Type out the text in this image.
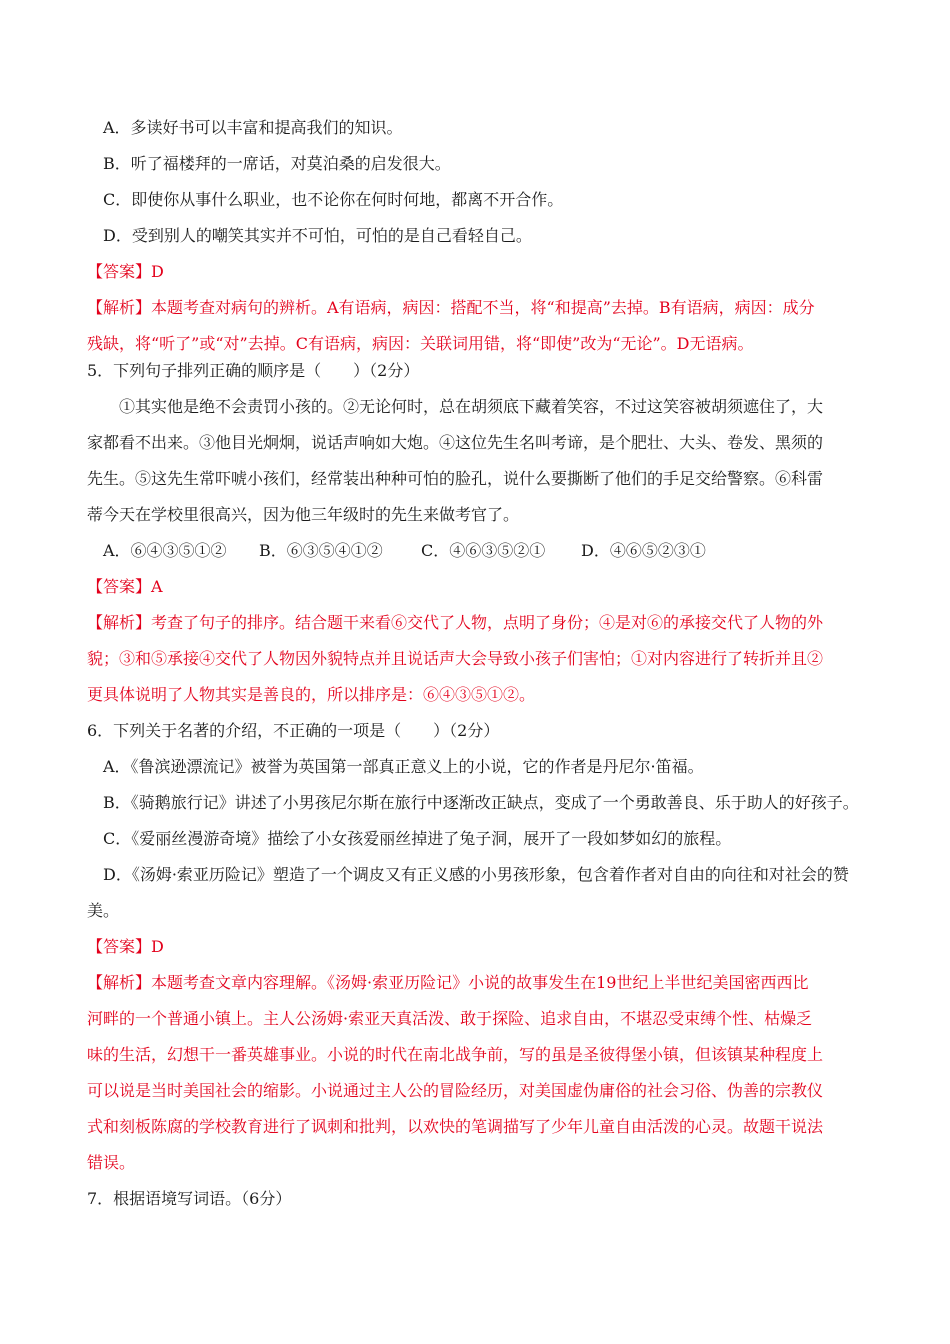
A．多读好书可以丰富和提高我们的知识。
B．听了福楼拜的一席话，对莫泊桑的启发很大。
C．即使你从事什么职业，也不论你在何时何地，都离不开合作。
D．受到别人的嘲笑其实并不可怕，可怕的是自己看轻自己。
【答案】D
【解析】本题考查对病句的辨析。A有语病，病因：搭配不当，将“和提高”去掉。B有语病，病因：成分
残缺，将“听了”或“对”去掉。C有语病，病因：关联词用错，将“即使”改为“无论”。D无语病。
5．下列句子排列正确的顺序是（　　）（2分）
①其实他是绝不会责罚小孩的。②无论何时，总在胡须底下藏着笑容，不过这笑容被胡须遮住了，大
家都看不出来。③他目光炯炯，说话声响如大炮。④这位先生名叫考谛，是个肥壮、大头、卷发、黑须的
先生。⑤这先生常吓唬小孩们，经常装出种种可怕的脸孔，说什么要撕断了他们的手足交给警察。⑥科雷
蒂今天在学校里很高兴，因为他三年级时的先生来做考官了。
A．⑥④③⑤①②	B．⑥③⑤④①②	C．④⑥③⑤②①	D．④⑥⑤②③①
【答案】A
【解析】考查了句子的排序。结合题干来看⑥交代了人物，点明了身份；④是对⑥的承接交代了人物的外
貌；③和⑤承接④交代了人物因外貌特点并且说话声大会导致小孩子们害怕；①对内容进行了转折并且②
更具体说明了人物其实是善良的，所以排序是：⑥④③⑤①②。
6．下列关于名著的介绍，不正确的一项是（　　）（2分）
A．《鲁滨逊漂流记》被誉为英国第一部真正意义上的小说，它的作者是丹尼尔·笛福。
B．《骑鹅旅行记》讲述了小男孩尼尔斯在旅行中逐渐改正缺点，变成了一个勇敢善良、乐于助人的好孩子。
C．《爱丽丝漫游奇境》描绘了小女孩爱丽丝掉进了兔子洞，展开了一段如梦如幻的旅程。
D．《汤姆·索亚历险记》塑造了一个调皮又有正义感的小男孩形象，包含着作者对自由的向往和对社会的赞
美。
【答案】D
【解析】本题考查文章内容理解。《汤姆·索亚历险记》小说的故事发生在19世纪上半世纪美国密西西比
河畔的一个普通小镇上。主人公汤姆·索亚天真活泼、敢于探险、追求自由，不堪忍受束缚个性、枯燥乏
味的生活，幻想干一番英雄事业。小说的时代在南北战争前，写的虽是圣彼得堡小镇，但该镇某种程度上
可以说是当时美国社会的缩影。小说通过主人公的冒险经历，对美国虚伪庸俗的社会习俗、伪善的宗教仪
式和刻板陈腐的学校教育进行了讽刺和批判，以欢快的笔调描写了少年儿童自由活泼的心灵。故题干说法
错误。
7．根据语境写词语。（6分）
